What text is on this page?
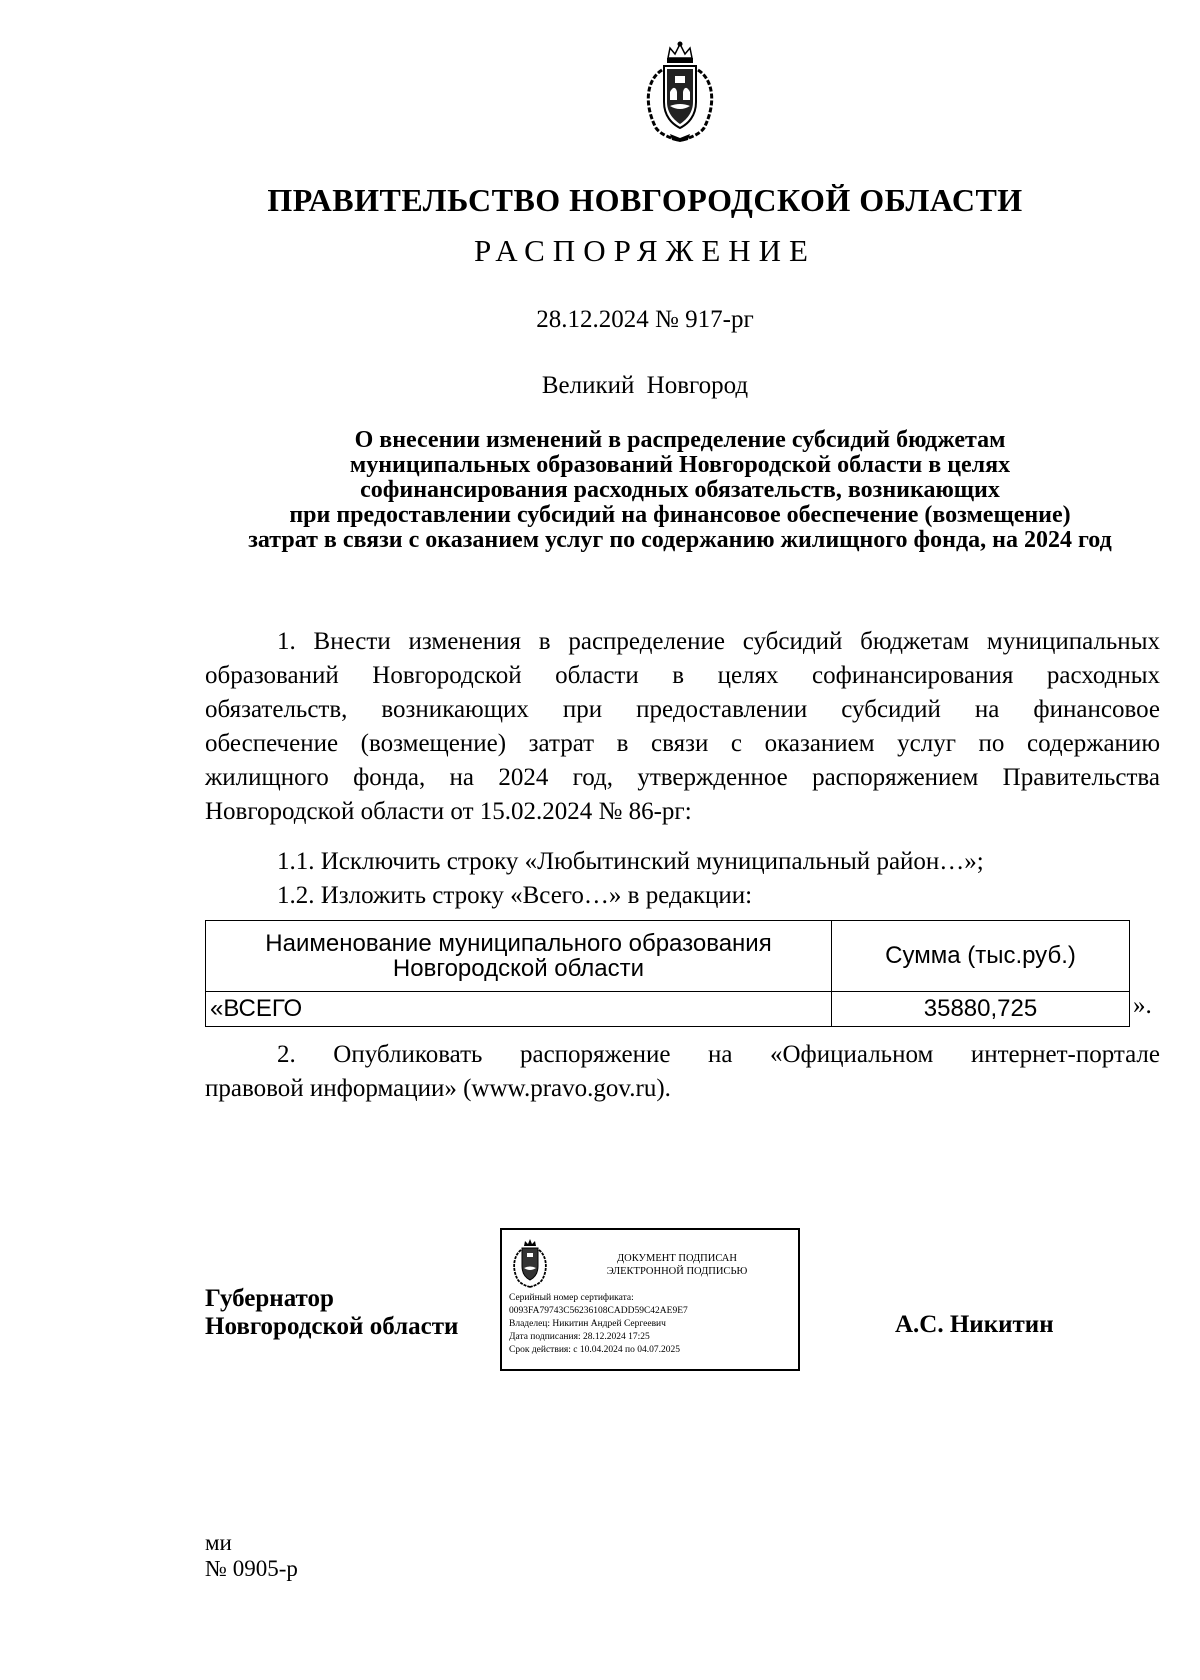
ПРАВИТЕЛЬСТВО НОВГОРОДСКОЙ ОБЛАСТИ
РАСПОРЯЖЕНИЕ
28.12.2024 № 917-рг
Великий Новгород
О внесении изменений в распределение субсидий бюджетам
муниципальных образований Новгородской области в целях
софинансирования расходных обязательств, возникающих
при предоставлении субсидий на финансовое обеспечение (возмещение)
затрат в связи с оказанием услуг по содержанию жилищного фонда, на 2024 год
1. Внести изменения в распределение субсидий бюджетам муниципальных
образований Новгородской области в целях софинансирования расходных
обязательств, возникающих при предоставлении субсидий на финансовое
обеспечение (возмещение) затрат в связи с оказанием услуг по содержанию
жилищного фонда, на 2024 год, утвержденное распоряжением Правительства
Новгородской области от 15.02.2024 № 86-рг:
1.1. Исключить строку «Любытинский муниципальный район…»;
1.2. Изложить строку «Всего…» в редакции:
Наименование муниципального образования
Новгородской области	Сумма (тыс.руб.)
«ВСЕГО	35880,725	».
2. Опубликовать распоряжение на «Официальном интернет-портале
правовой информации» (www.pravo.gov.ru).
Губернатор
Новгородской области
ДОКУМЕНТ ПОДПИСАН
ЭЛЕКТРОННОЙ ПОДПИСЬЮ
Серийный номер сертификата:
0093FA79743C56236108CADD59C42AE9E7
Владелец: Никитин Андрей Сергеевич
Дата подписания: 28.12.2024 17:25
Срок действия: с 10.04.2024 по 04.07.2025
А.С. Никитин
ми
№ 0905-р
